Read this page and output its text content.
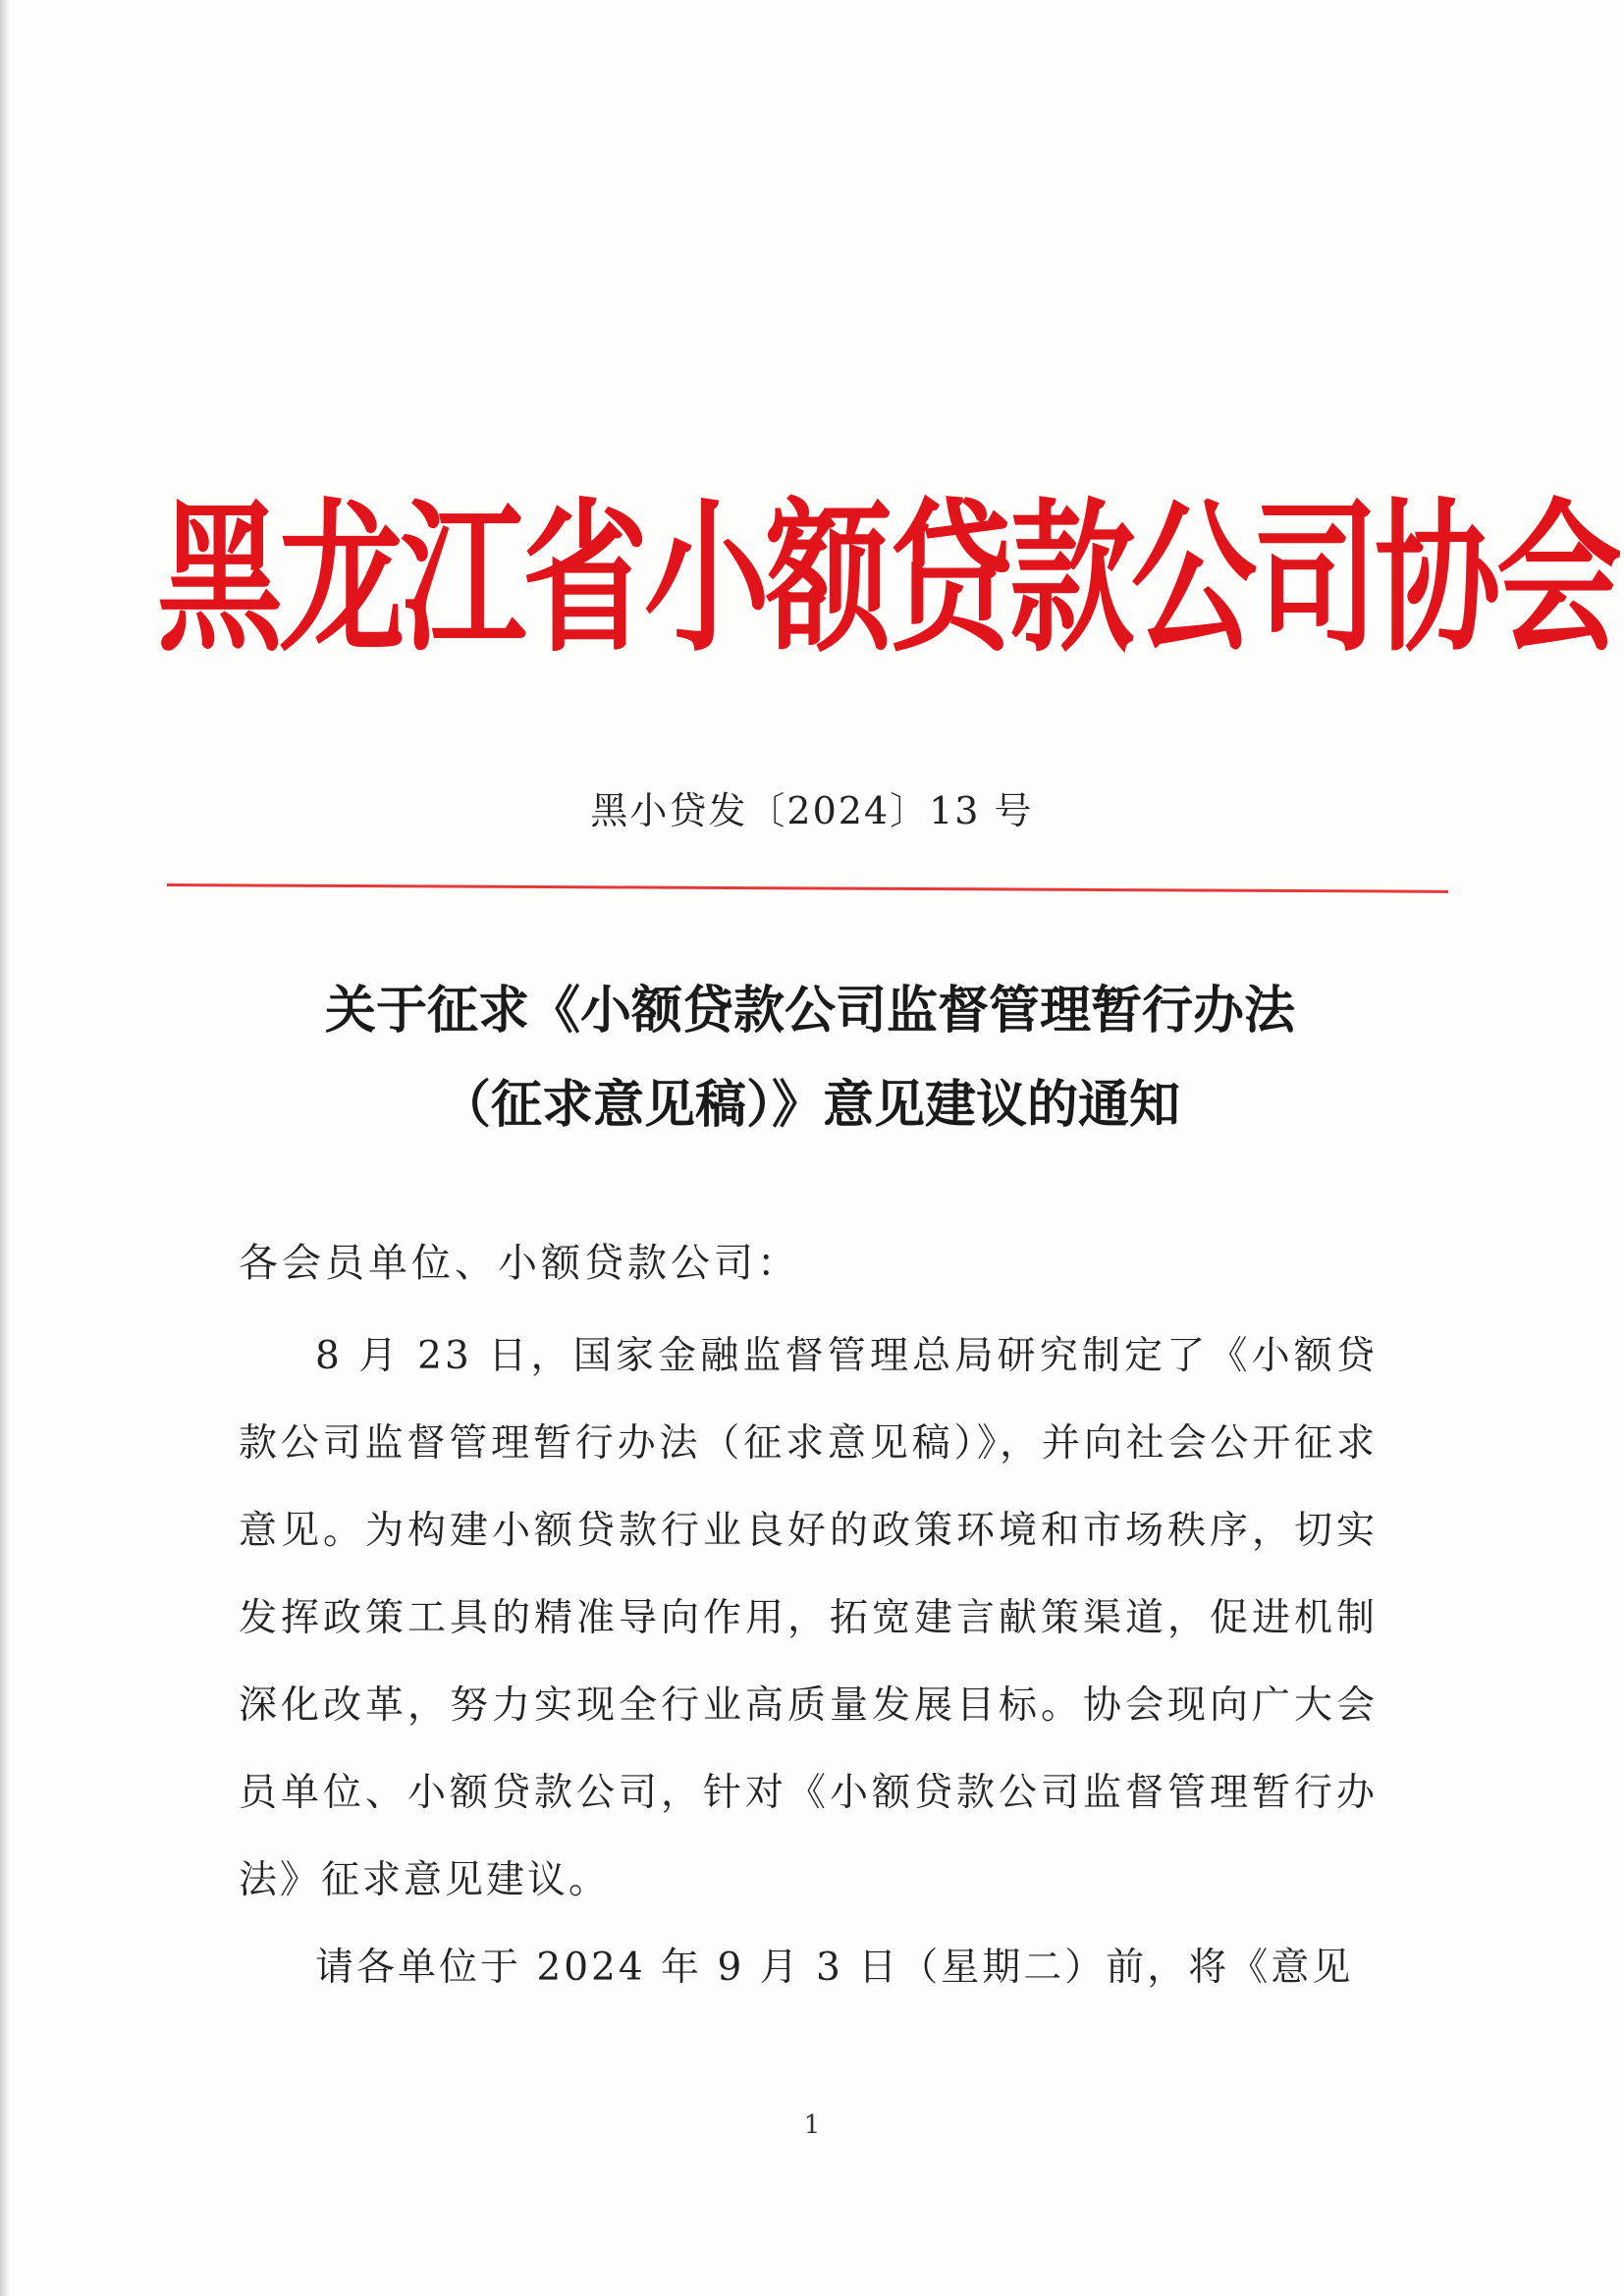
黑龙江省小额贷款公司协会
黑小贷发〔2024〕13 号
关于征求《小额贷款公司监督管理暂行办法
（征求意见稿）》意见建议的通知
各会员单位、小额贷款公司：

8 月 23 日，国家金融监督管理总局研究制定了《小额贷款公司监督管理暂行办法（征求意见稿）》，并向社会公开征求意见。为构建小额贷款行业良好的政策环境和市场秩序，切实发挥政策工具的精准导向作用，拓宽建言献策渠道，促进机制深化改革，努力实现全行业高质量发展目标。协会现向广大会员单位、小额贷款公司，针对《小额贷款公司监督管理暂行办法》征求意见建议。

请各单位于 2024 年 9 月 3 日（星期二）前，将《意见

1
